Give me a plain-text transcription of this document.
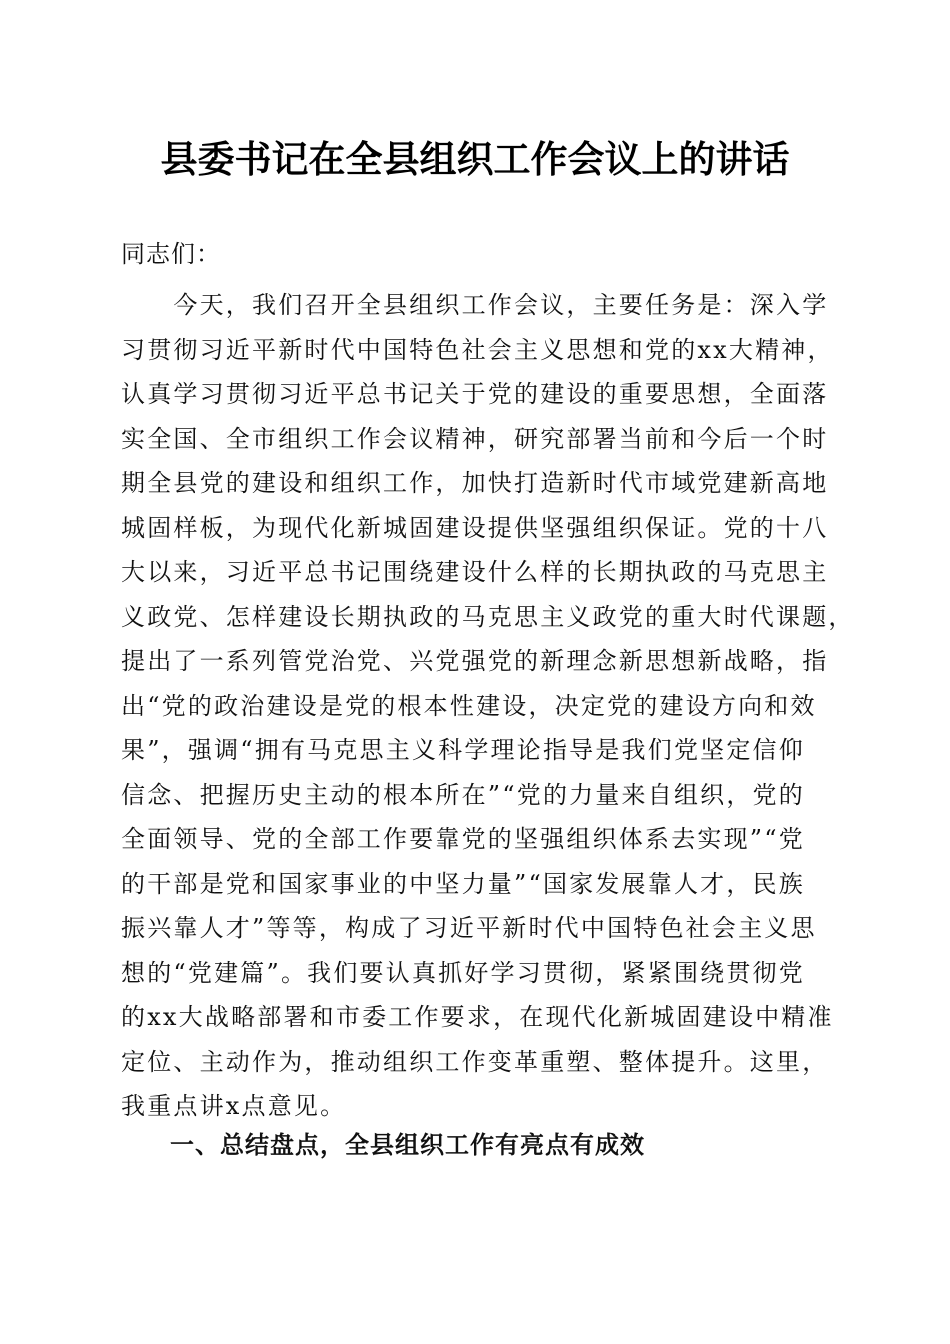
县委书记在全县组织工作会议上的讲话
同志们：
　　今天，我们召开全县组织工作会议，主要任务是：深入学
习贯彻习近平新时代中国特色社会主义思想和党的xx大精神，
认真学习贯彻习近平总书记关于党的建设的重要思想，全面落
实全国、全市组织工作会议精神，研究部署当前和今后一个时
期全县党的建设和组织工作，加快打造新时代市域党建新高地
城固样板，为现代化新城固建设提供坚强组织保证。党的十八
大以来，习近平总书记围绕建设什么样的长期执政的马克思主
义政党、怎样建设长期执政的马克思主义政党的重大时代课题，
提出了一系列管党治党、兴党强党的新理念新思想新战略，指
出“党的政治建设是党的根本性建设，决定党的建设方向和效
果”，强调“拥有马克思主义科学理论指导是我们党坚定信仰
信念、把握历史主动的根本所在”“党的力量来自组织，党的
全面领导、党的全部工作要靠党的坚强组织体系去实现”“党
的干部是党和国家事业的中坚力量”“国家发展靠人才，民族
振兴靠人才”等等，构成了习近平新时代中国特色社会主义思
想的“党建篇”。我们要认真抓好学习贯彻，紧紧围绕贯彻党
的xx大战略部署和市委工作要求，在现代化新城固建设中精准
定位、主动作为，推动组织工作变革重塑、整体提升。这里，
我重点讲x点意见。
一、总结盘点，全县组织工作有亮点有成效
